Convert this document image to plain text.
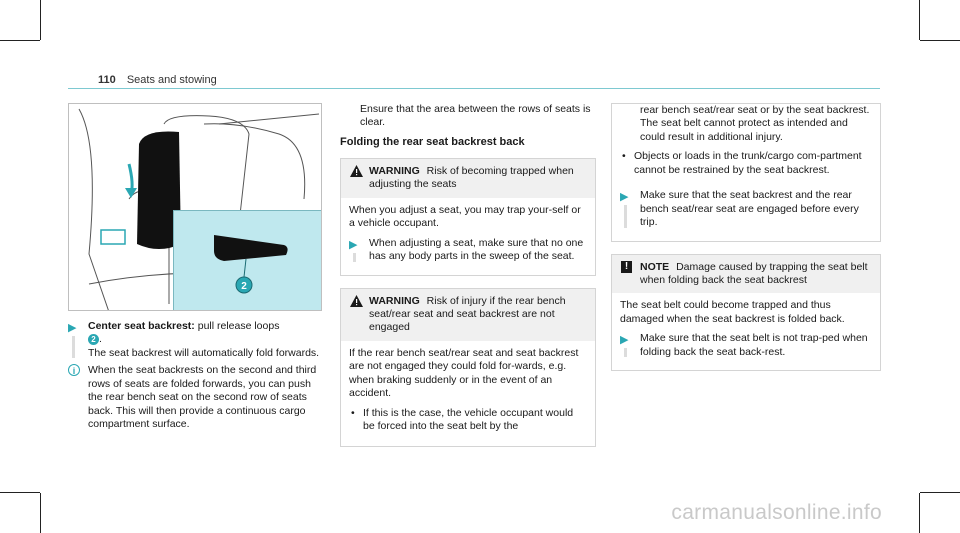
110 Seats and stowing
2
▶ Center seat backrest: pull release loops
2 .
The seat backrest will automatically fold forwards.
i	When the seat backrests on the second and third rows of seats are folded forwards, you can push the rear bench seat on the second row of seats back. This will then provide a continuous cargo compartment surface.
Ensure that the area between the rows of seats is clear.
Folding the rear seat backrest back
WARNING Risk of becoming trapped when adjusting the seats

When you adjust a seat, you may trap your-self or a vehicle occupant.

▶ When adjusting a seat, make sure that no one has any body parts in the sweep of the seat.
WARNING Risk of injury if the rear bench seat/rear seat and seat backrest are not engaged

If the rear bench seat/rear seat and seat backrest are not engaged they could fold for-wards, e.g. when braking suddenly or in the event of an accident.

• If this is the case, the vehicle occupant would be forced into the seat belt by the

rear bench seat/rear seat or by the seat backrest. The seat belt cannot protect as intended and could result in additional injury.

• Objects or loads in the trunk/cargo com-partment cannot be restrained by the seat backrest.
▶ Make sure that the seat backrest and the rear bench seat/rear seat are engaged before every trip.
!	NOTE Damage caused by trapping the seat belt when folding back the seat backrest

The seat belt could become trapped and thus damaged when the seat backrest is folded back.

▶ Make sure that the seat belt is not trap-ped when folding back the seat back-rest.
carmanualsonline.info
